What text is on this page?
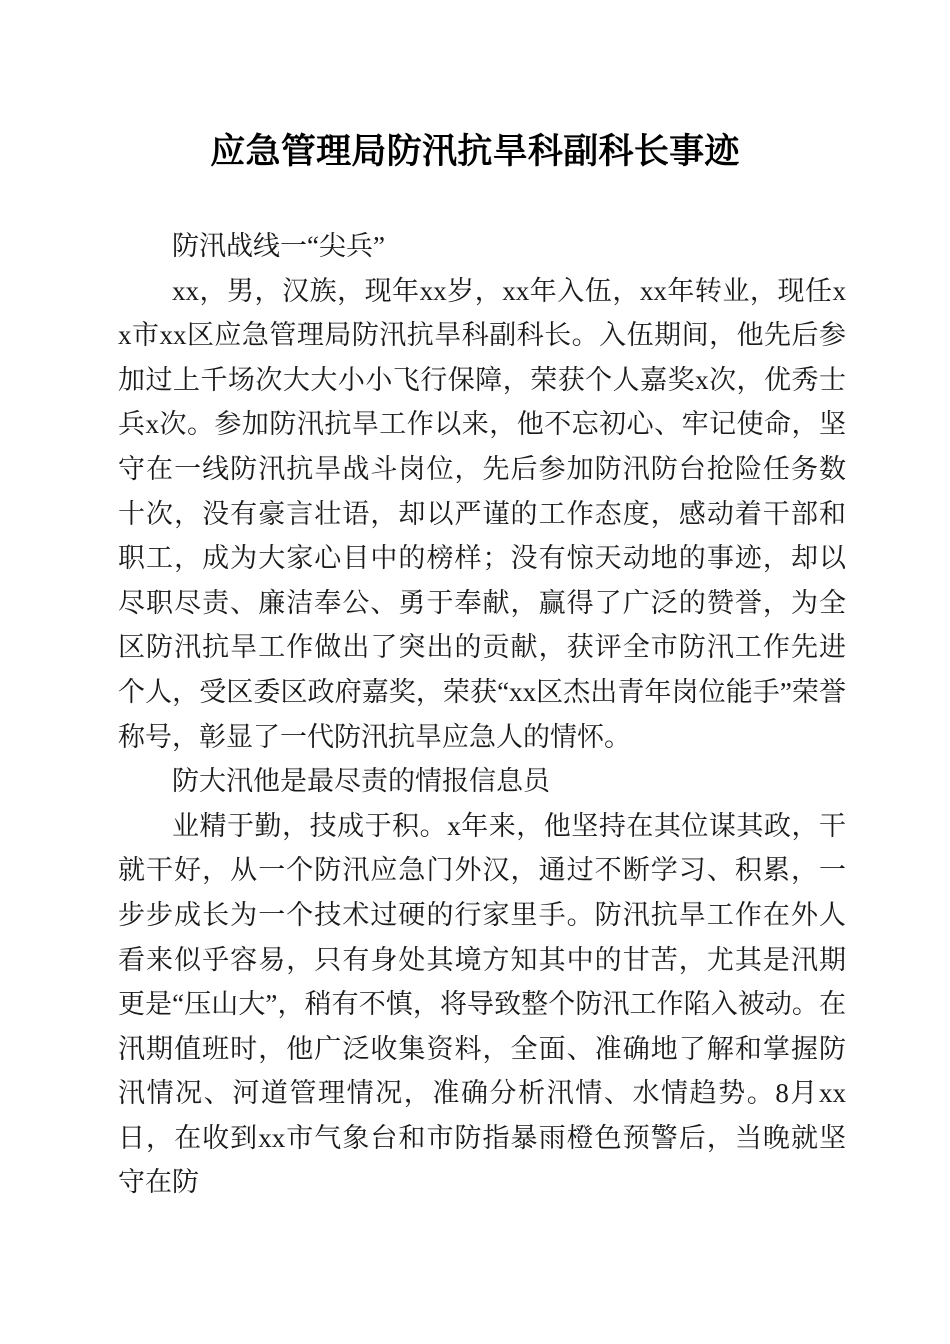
应急管理局防汛抗旱科副科长事迹

防汛战线一“尖兵”

xx，男，汉族，现年xx岁，xx年入伍，xx年转业，现任xx市xx区应急管理局防汛抗旱科副科长。入伍期间，他先后参加过上千场次大大小小飞行保障，荣获个人嘉奖x次，优秀士兵x次。参加防汛抗旱工作以来，他不忘初心、牢记使命，坚守在一线防汛抗旱战斗岗位，先后参加防汛防台抢险任务数十次，没有豪言壮语，却以严谨的工作态度，感动着干部和职工，成为大家心目中的榜样；没有惊天动地的事迹，却以尽职尽责、廉洁奉公、勇于奉献，赢得了广泛的赞誉，为全区防汛抗旱工作做出了突出的贡献，获评全市防汛工作先进个人，受区委区政府嘉奖，荣获“xx区杰出青年岗位能手”荣誉称号，彰显了一代防汛抗旱应急人的情怀。

防大汛他是最尽责的情报信息员

业精于勤，技成于积。x年来，他坚持在其位谋其政，干就干好，从一个防汛应急门外汉，通过不断学习、积累，一步步成长为一个技术过硬的行家里手。防汛抗旱工作在外人看来似乎容易，只有身处其境方知其中的甘苦，尤其是汛期更是“压山大”，稍有不慎，将导致整个防汛工作陷入被动。在汛期值班时，他广泛收集资料，全面、准确地了解和掌握防汛情况、河道管理情况，准确分析汛情、水情趋势。8月xx日，在收到xx市气象台和市防指暴雨橙色预警后，当晚就坚守在防
